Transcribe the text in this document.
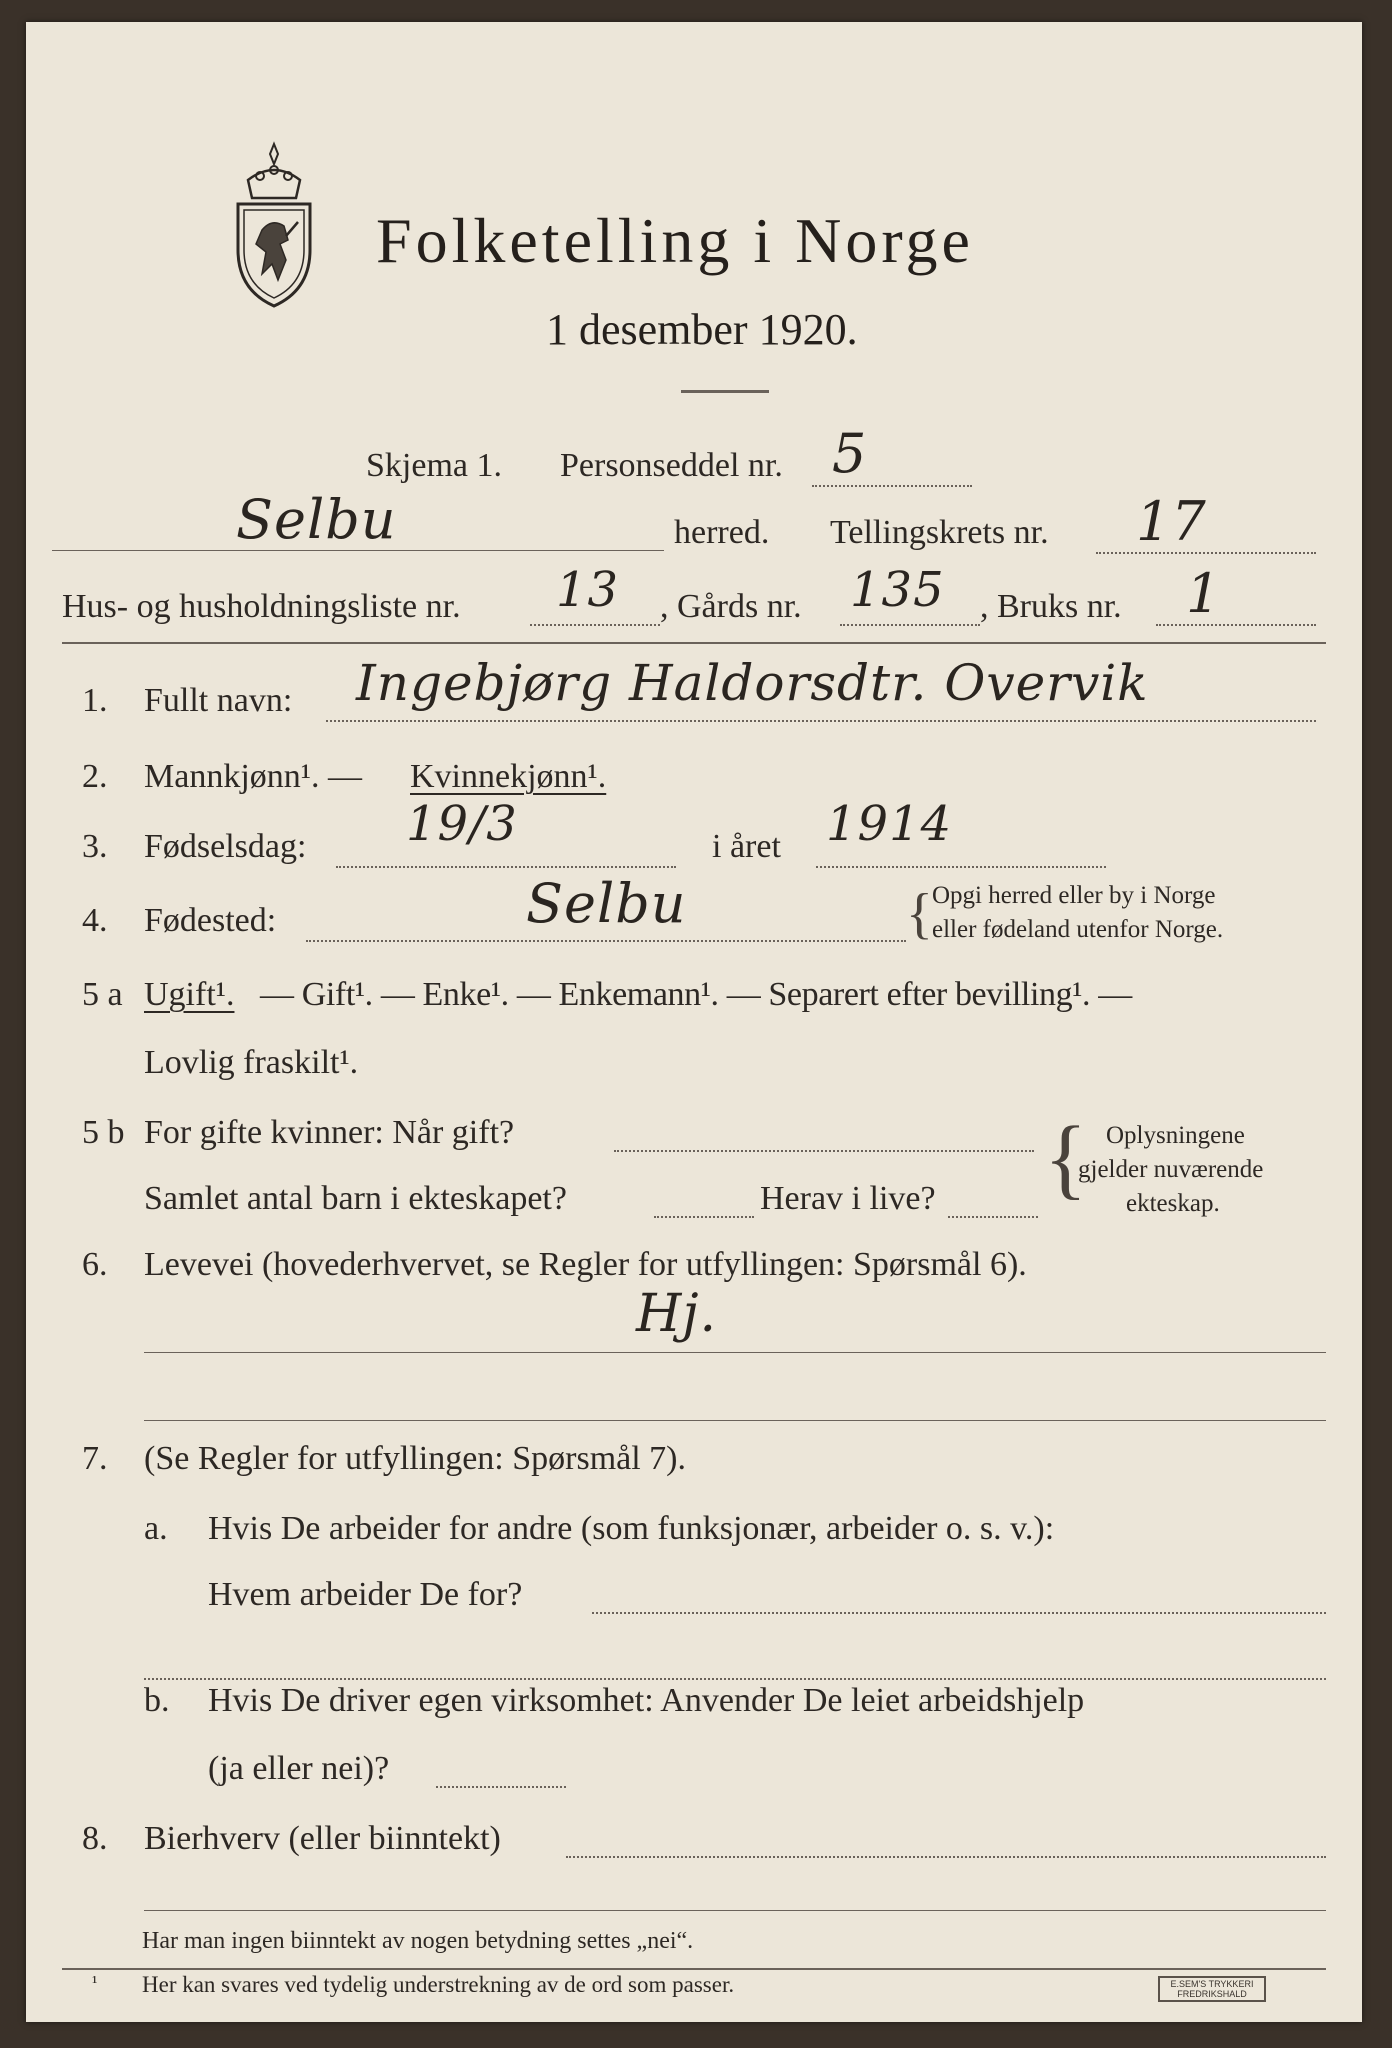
Folketelling i Norge
1 desember 1920.
Skjema 1. Personseddel nr. 5
Selbu	herred. Tellingskrets nr. 17
Hus- og husholdningsliste nr. 13 , Gårds nr. 135 , Bruks nr. 1
1. Fullt navn: Ingebjørg Haldorsdtr. Overvik
2. Mannkjønn¹. — Kvinnekjønn¹.
3. Fødselsdag: 19/3	i året 1914
4. Fødested:	Selbu	{ Opgi herred eller by i Norge
eller fødeland utenfor Norge.
5 a Ugift¹. — Gift¹. — Enke¹. — Enkemann¹. — Separert efter bevilling¹. —
Lovlig fraskilt¹.
5 b For gifte kvinner: Når gift?
Samlet antal barn i ekteskapet?	Herav i live? { Oplysningene
gjelder nuværende
ekteskap.
6. Levevei (hovederhvervet, se Regler for utfyllingen: Spørsmål 6).
Hj.
7. (Se Regler for utfyllingen: Spørsmål 7).
a. Hvis De arbeider for andre (som funksjonær, arbeider o. s. v.):
Hvem arbeider De for?
b. Hvis De driver egen virksomhet: Anvender De leiet arbeidshjelp
(ja eller nei)?
8. Bierhverv (eller biinntekt)
Har man ingen biinntekt av nogen betydning settes „nei“.
¹ Her kan svares ved tydelig understrekning av de ord som passer.	E.SEM'S TRYKKERI
FREDRIKSHALD
